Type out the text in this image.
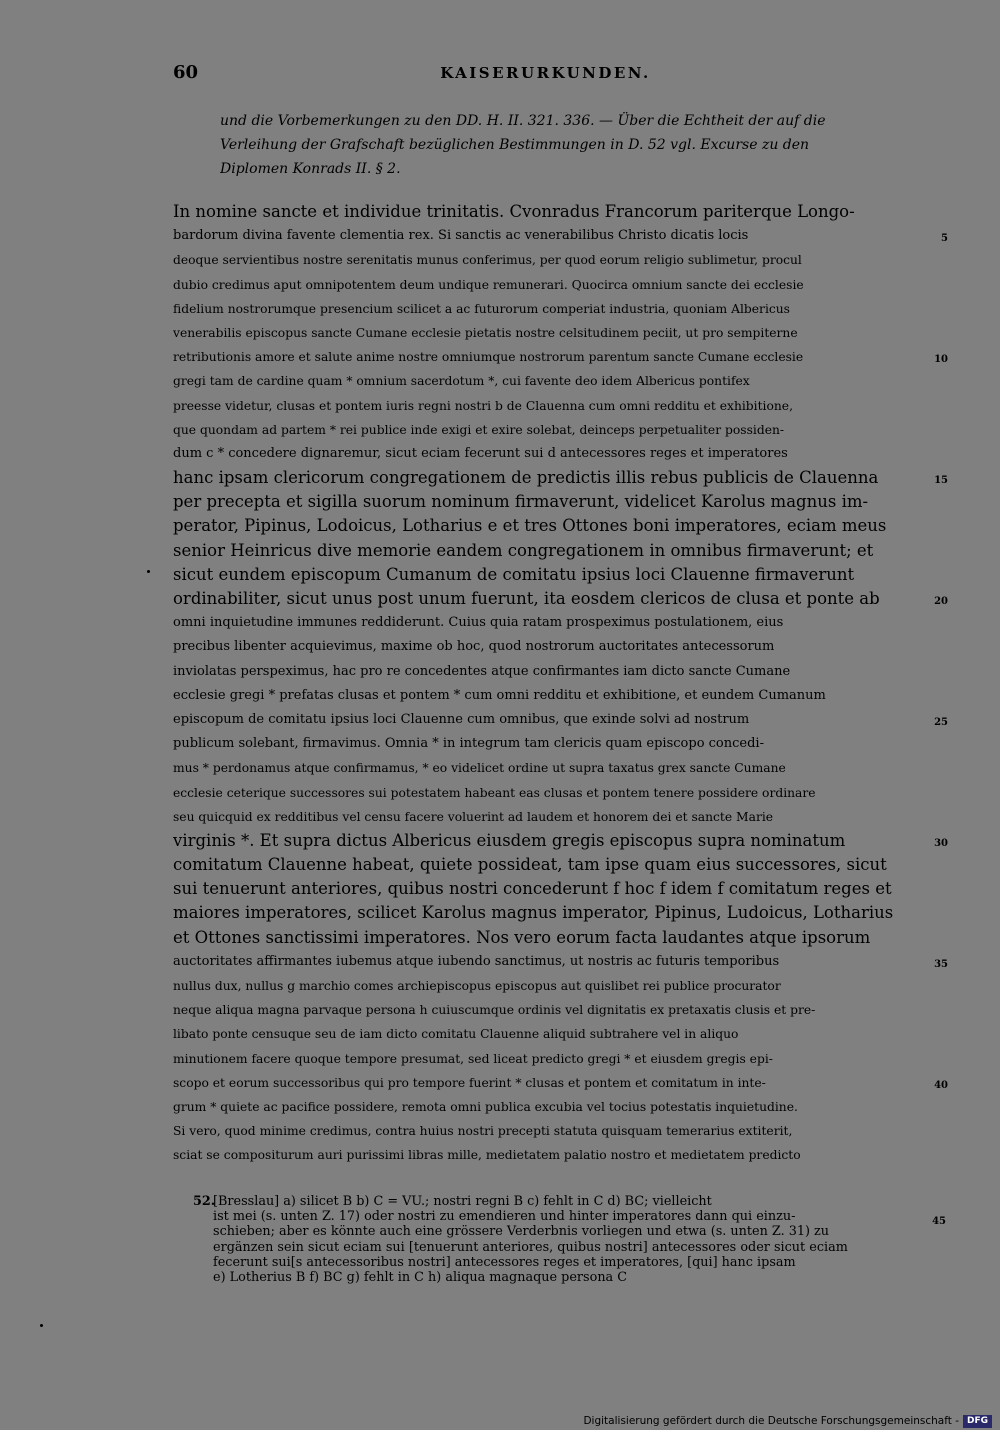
60	KAISERURKUNDEN.
und die Vorbemerkungen zu den DD. H. II. 321. 336. — Über die Echtheit der auf die
Verleihung der Grafschaft bezüglichen Bestimmungen in D. 52 vgl. Excurse zu den
Diplomen Konrads II. § 2.
In nomine sancte et individue trinitatis. Cvonradus Francorum pariterque Longo-
bardorum divina favente clementia rex. Si sanctis ac venerabilibus Christo dicatis locis
deoque servientibus nostre serenitatis munus conferimus, per quod eorum religio sublimetur, procul
dubio credimus aput omnipotentem deum undique remunerari. Quocirca omnium sancte dei ecclesie
fidelium nostrorumque presencium scilicet a ac futurorum comperiat industria, quoniam Albericus
venerabilis episcopus sancte Cumane ecclesie pietatis nostre celsitudinem peciit, ut pro sempiterne
retributionis amore et salute anime nostre omniumque nostrorum parentum sancte Cumane ecclesie
gregi tam de cardine quam * omnium sacerdotum *, cui favente deo idem Albericus pontifex
preesse videtur, clusas et pontem iuris regni nostri b de Clauenna cum omni redditu et exhibitione,
que quondam ad partem * rei publice inde exigi et exire solebat, deinceps perpetualiter possiden-
dum c * concedere dignaremur, sicut eciam fecerunt sui d antecessores reges et imperatores
hanc ipsam clericorum congregationem de predictis illis rebus publicis de Clauenna
per precepta et sigilla suorum nominum firmaverunt, videlicet Karolus magnus im-
perator, Pipinus, Lodoicus, Lotharius e et tres Ottones boni imperatores, eciam meus
senior Heinricus dive memorie eandem congregationem in omnibus firmaverunt; et
sicut eundem episcopum Cumanum de comitatu ipsius loci Clauenne firmaverunt
ordinabiliter, sicut unus post unum fuerunt, ita eosdem clericos de clusa et ponte ab
omni inquietudine immunes reddiderunt. Cuius quia ratam prospeximus postulationem, eius
precibus libenter acquievimus, maxime ob hoc, quod nostrorum auctoritates antecessorum
inviolatas perspeximus, hac pro re concedentes atque confirmantes iam dicto sancte Cumane
ecclesie gregi * prefatas clusas et pontem * cum omni redditu et exhibitione, et eundem Cumanum
episcopum de comitatu ipsius loci Clauenne cum omnibus, que exinde solvi ad nostrum
publicum solebant, firmavimus. Omnia * in integrum tam clericis quam episcopo concedi-
mus * perdonamus atque confirmamus, * eo videlicet ordine ut supra taxatus grex sancte Cumane
ecclesie ceterique successores sui potestatem habeant eas clusas et pontem tenere possidere ordinare
seu quicquid ex redditibus vel censu facere voluerint ad laudem et honorem dei et sancte Marie
virginis *. Et supra dictus Albericus eiusdem gregis episcopus supra nominatum
comitatum Clauenne habeat, quiete possideat, tam ipse quam eius successores, sicut
sui tenuerunt anteriores, quibus nostri concederunt f hoc f idem f comitatum reges et
maiores imperatores, scilicet Karolus magnus imperator, Pipinus, Ludoicus, Lotharius
et Ottones sanctissimi imperatores. Nos vero eorum facta laudantes atque ipsorum
auctoritates affirmantes iubemus atque iubendo sanctimus, ut nostris ac futuris temporibus
nullus dux, nullus g marchio comes archiepiscopus episcopus aut quislibet rei publice procurator
neque aliqua magna parvaque persona h cuiuscumque ordinis vel dignitatis ex pretaxatis clusis et pre-
libato ponte censuque seu de iam dicto comitatu Clauenne aliquid subtrahere vel in aliquo
minutionem facere quoque tempore presumat, sed liceat predicto gregi * et eiusdem gregis epi-
scopo et eorum successoribus qui pro tempore fuerint * clusas et pontem et comitatum in inte-
grum * quiete ac pacifice possidere, remota omni publica excubia vel tocius potestatis inquietudine.
Si vero, quod minime credimus, contra huius nostri precepti statuta quisquam temerarius extiterit,
sciat se compositurum auri purissimi libras mille, medietatem palatio nostro et medietatem predicto
5
10
15
20
25
30
35
40
52.
[Bresslau] a) silicet B b) C = VU.; nostri regni B c) fehlt in C d) BC; vielleicht
ist mei (s. unten Z. 17) oder nostri zu emendieren und hinter imperatores dann qui einzu-
schieben; aber es könnte auch eine grössere Verderbnis vorliegen und etwa (s. unten Z. 31) zu
ergänzen sein sicut eciam sui [tenuerunt anteriores, quibus nostri] antecessores oder sicut eciam
fecerunt sui[s antecessoribus nostri] antecessores reges et imperatores, [qui] hanc ipsam
e) Lotherius B f) BC g) fehlt in C h) aliqua magnaque persona C
45
Digitalisierung gefördert durch die Deutsche Forschungsgemeinschaft - DFG
